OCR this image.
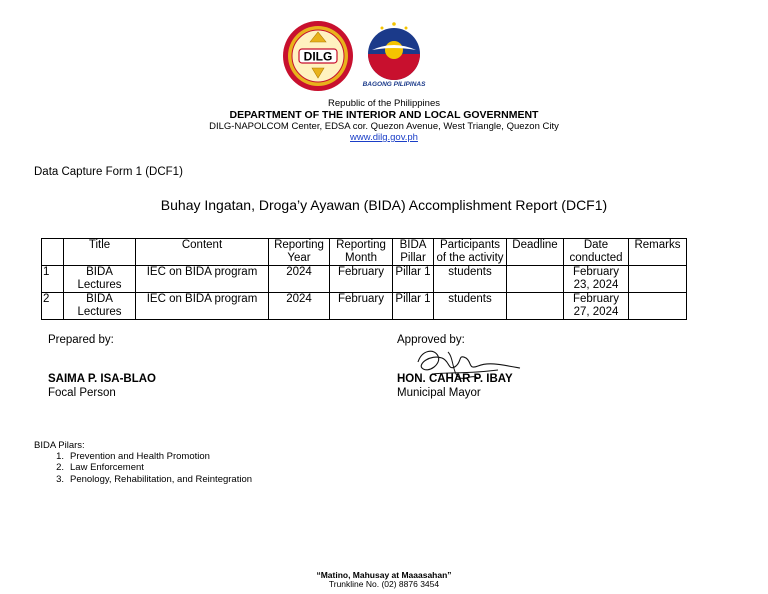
DILG
BAGONG PILIPINAS
Republic of the Philippines
DEPARTMENT OF THE INTERIOR AND LOCAL GOVERNMENT
DILG-NAPOLCOM Center, EDSA cor. Quezon Avenue, West Triangle, Quezon City
www.dilg.gov.ph
Data Capture Form 1 (DCF1)
Buhay Ingatan, Droga’y Ayawan (BIDA) Accomplishment Report (DCF1)
	Title	Content	Reporting Year	Reporting Month	BIDA Pillar	Participants of the activity	Deadline	Date conducted	Remarks
1	BIDA Lectures	IEC on BIDA program	2024	February	Pillar 1	students		February 23, 2024	
2	BIDA Lectures	IEC on BIDA program	2024	February	Pillar 1	students		February 27, 2024	
Prepared by:	Approved by:
SAIMA P. ISA-BLAO
Focal Person
HON. CAHAR P. IBAY
Municipal Mayor
BIDA Pilars:
1. Prevention and Health Promotion
2. Law Enforcement
3. Penology, Rehabilitation, and Reintegration
“Matino, Mahusay at Maaasahan”
Trunkline No. (02) 8876 3454
